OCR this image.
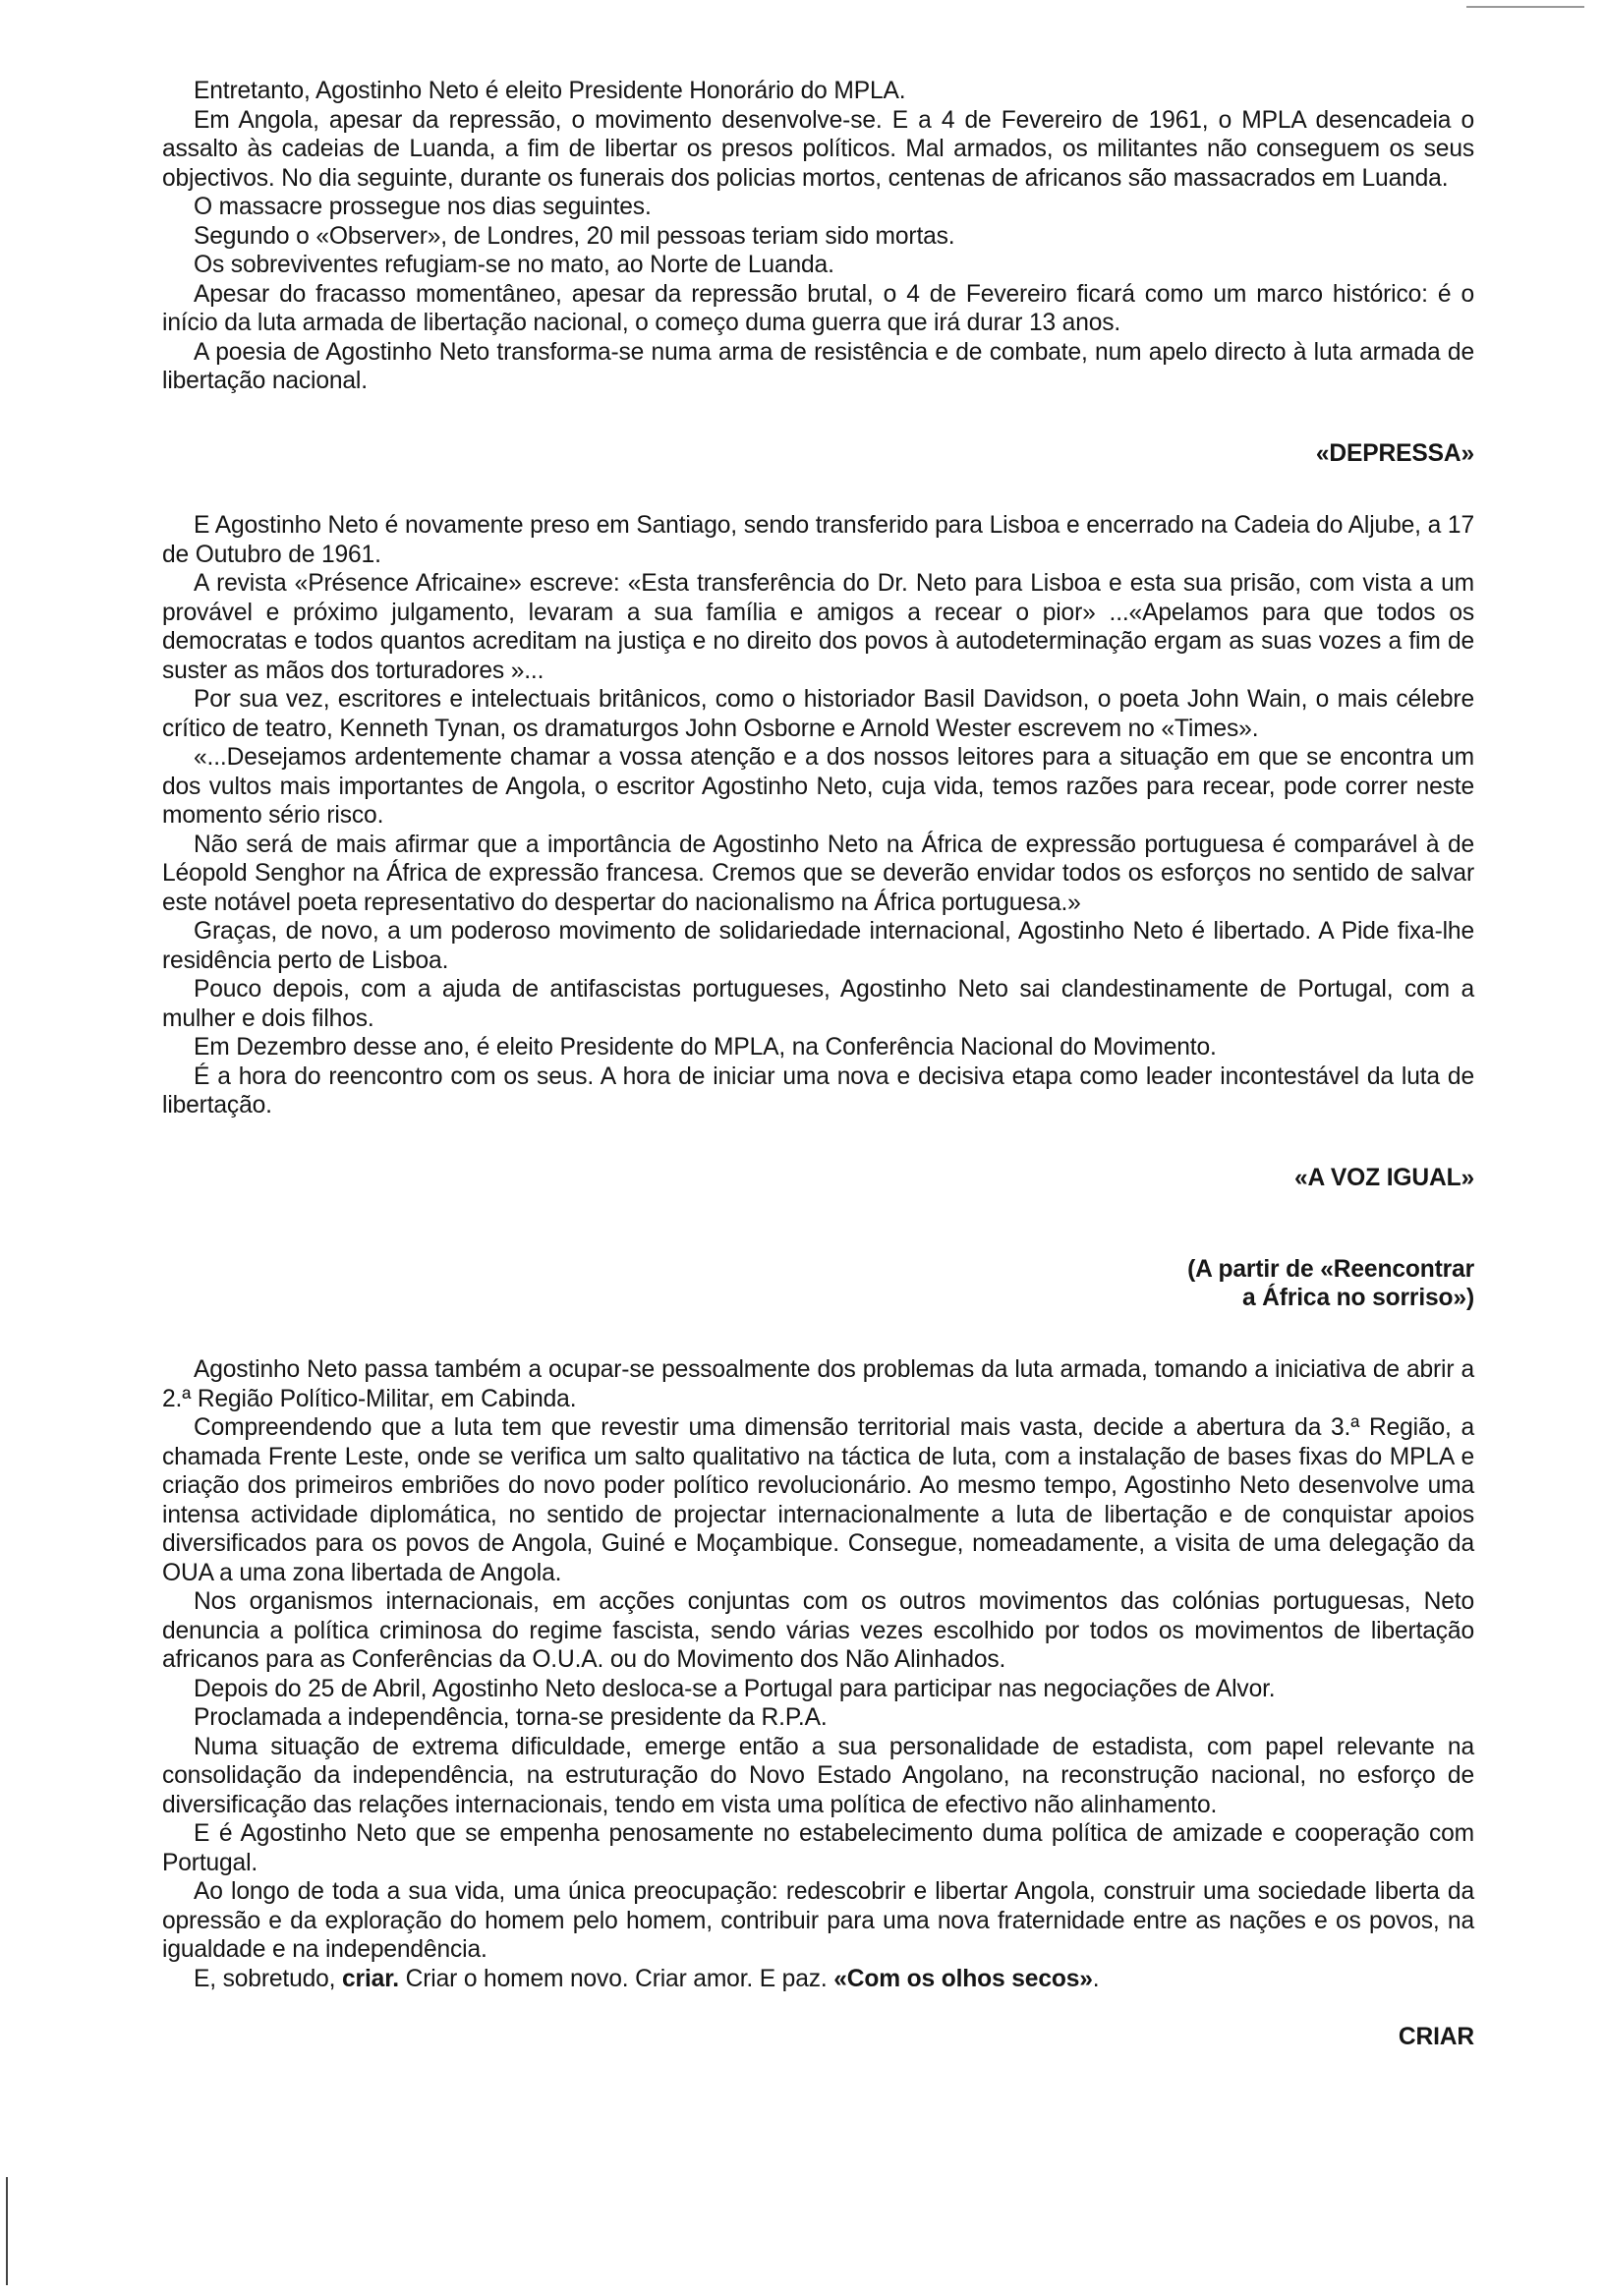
Entretanto, Agostinho Neto é eleito Presidente Honorário do MPLA.

Em Angola, apesar da repressão, o movimento desenvolve-se. E a 4 de Fevereiro de 1961, o MPLA desencadeia o assalto às cadeias de Luanda, a fim de libertar os presos políticos. Mal armados, os militantes não conseguem os seus objectivos. No dia seguinte, durante os funerais dos policias mortos, centenas de africanos são massacrados em Luanda.

O massacre prossegue nos dias seguintes.

Segundo o «Observer», de Londres, 20 mil pessoas teriam sido mortas.

Os sobreviventes refugiam-se no mato, ao Norte de Luanda.

Apesar do fracasso momentâneo, apesar da repressão brutal, o 4 de Fevereiro ficará como um marco histórico: é o início da luta armada de libertação nacional, o começo duma guerra que irá durar 13 anos.

A poesia de Agostinho Neto transforma-se numa arma de resistência e de combate, num apelo directo à luta armada de libertação nacional.

«DEPRESSA»

E Agostinho Neto é novamente preso em Santiago, sendo transferido para Lisboa e encerrado na Cadeia do Aljube, a 17 de Outubro de 1961.

A revista «Présence Africaine» escreve: «Esta transferência do Dr. Neto para Lisboa e esta sua prisão, com vista a um provável e próximo julgamento, levaram a sua família e amigos a recear o pior» ...«Apelamos para que todos os democratas e todos quantos acreditam na justiça e no direito dos povos à autodeterminação ergam as suas vozes a fim de suster as mãos dos torturadores »...

Por sua vez, escritores e intelectuais britânicos, como o historiador Basil Davidson, o poeta John Wain, o mais célebre crítico de teatro, Kenneth Tynan, os dramaturgos John Osborne e Arnold Wester escrevem no «Times».

«...Desejamos ardentemente chamar a vossa atenção e a dos nossos leitores para a situação em que se encontra um dos vultos mais importantes de Angola, o escritor Agostinho Neto, cuja vida, temos razões para recear, pode correr neste momento sério risco.

Não será de mais afirmar que a importância de Agostinho Neto na África de expressão portuguesa é comparável à de Léopold Senghor na África de expressão francesa. Cremos que se deverão envidar todos os esforços no sentido de salvar este notável poeta representativo do despertar do nacionalismo na África portuguesa.»

Graças, de novo, a um poderoso movimento de solidariedade internacional, Agostinho Neto é libertado. A Pide fixa-lhe residência perto de Lisboa.

Pouco depois, com a ajuda de antifascistas portugueses, Agostinho Neto sai clandestinamente de Portugal, com a mulher e dois filhos.

Em Dezembro desse ano, é eleito Presidente do MPLA, na Conferência Nacional do Movimento.

É a hora do reencontro com os seus. A hora de iniciar uma nova e decisiva etapa como leader incontestável da luta de libertação.

«A VOZ IGUAL»
(A partir de «Reencontrar
a África no sorriso»)

Agostinho Neto passa também a ocupar-se pessoalmente dos problemas da luta armada, tomando a iniciativa de abrir a 2.ª Região Político-Militar, em Cabinda.

Compreendendo que a luta tem que revestir uma dimensão territorial mais vasta, decide a abertura da 3.ª Região, a chamada Frente Leste, onde se verifica um salto qualitativo na táctica de luta, com a instalação de bases fixas do MPLA e criação dos primeiros embriões do novo poder político revolucionário. Ao mesmo tempo, Agostinho Neto desenvolve uma intensa actividade diplomática, no sentido de projectar internacionalmente a luta de libertação e de conquistar apoios diversificados para os povos de Angola, Guiné e Moçambique. Consegue, nomeadamente, a visita de uma delegação da OUA a uma zona libertada de Angola.

Nos organismos internacionais, em acções conjuntas com os outros movimentos das colónias portuguesas, Neto denuncia a política criminosa do regime fascista, sendo várias vezes escolhido por todos os movimentos de libertação africanos para as Conferências da O.U.A. ou do Movimento dos Não Alinhados.

Depois do 25 de Abril, Agostinho Neto desloca-se a Portugal para participar nas negociações de Alvor.

Proclamada a independência, torna-se presidente da R.P.A.

Numa situação de extrema dificuldade, emerge então a sua personalidade de estadista, com papel relevante na consolidação da independência, na estruturação do Novo Estado Angolano, na reconstrução nacional, no esforço de diversificação das relações internacionais, tendo em vista uma política de efectivo não alinhamento.

E é Agostinho Neto que se empenha penosamente no estabelecimento duma política de amizade e cooperação com Portugal.

Ao longo de toda a sua vida, uma única preocupação: redescobrir e libertar Angola, construir uma sociedade liberta da opressão e da exploração do homem pelo homem, contribuir para uma nova fraternidade entre as nações e os povos, na igualdade e na independência.

E, sobretudo, criar. Criar o homem novo. Criar amor. E paz. «Com os olhos secos».

CRIAR
